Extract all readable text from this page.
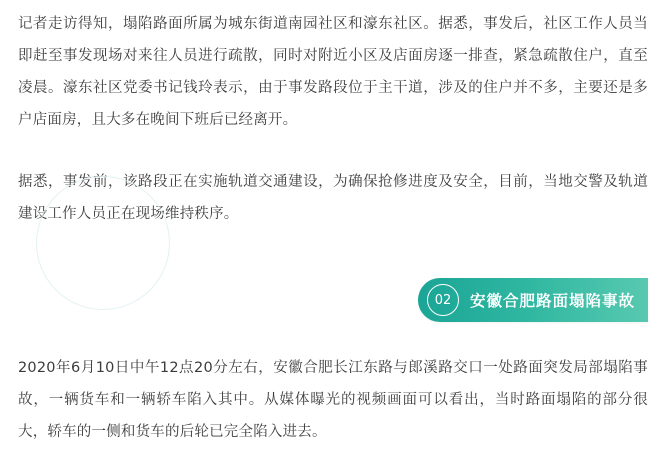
记者走访得知，塌陷路面所属为城东街道南园社区和濠东社区。据悉，事发后，社区工作人员当即赶至事发现场对来往人员进行疏散，同时对附近小区及店面房逐一排查，紧急疏散住户，直至凌晨。濠东社区党委书记钱玲表示，由于事发路段位于主干道，涉及的住户并不多，主要还是多户店面房，且大多在晚间下班后已经离开。

据悉，事发前，该路段正在实施轨道交通建设，为确保抢修进度及安全，目前，当地交警及轨道建设工作人员正在现场维持秩序。

02	安徽合肥路面塌陷事故

2020年6月10日中午12点20分左右，安徽合肥长江东路与郎溪路交口一处路面突发局部塌陷事故，一辆货车和一辆轿车陷入其中。从媒体曝光的视频画面可以看出，当时路面塌陷的部分很大，轿车的一侧和货车的后轮已完全陷入进去。
